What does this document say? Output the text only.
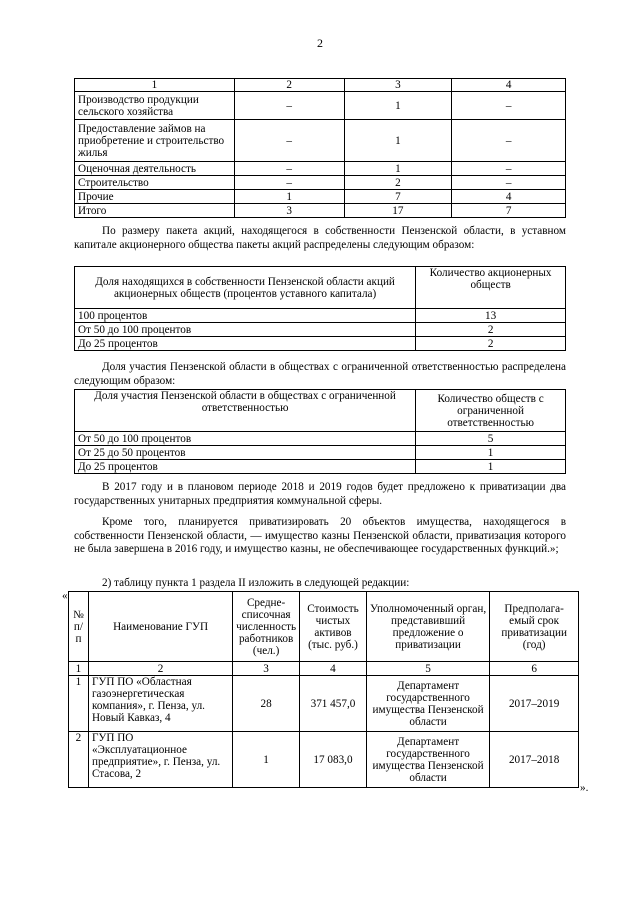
2
1	2	3	4
Производство продукции сельского хозяйства	–	1	–
Предоставление займов на приобретение и строительство жилья	–	1	–
Оценочная деятельность	–	1	–
Строительство	–	2	–
Прочие	1	7	4
Итого	3	17	7
По размеру пакета акций, находящегося в собственности Пензенской области, в уставном капитале акционерного общества пакеты акций распределены следующим образом:
Доля находящихся в собственности Пензенской области акций акционерных обществ (процентов уставного капитала)	Количество акционерных обществ
100 процентов	13
От 50 до 100 процентов	2
До 25 процентов	2
Доля участия Пензенской области в обществах с ограниченной ответственностью распределена следующим образом:
Доля участия Пензенской области в обществах с ограниченной ответственностью	Количество обществ с ограниченной ответственностью
От 50 до 100 процентов	5
От 25 до 50 процентов	1
До 25 процентов	1
В 2017 году и в плановом периоде 2018 и 2019 годов будет предложено к приватизации два государственных унитарных предприятия коммунальной сферы.
Кроме того, планируется приватизировать 20 объектов имущества, находящегося в собственности Пензенской области, — имущество казны Пензенской области, приватизация которого не была завершена в 2016 году, и имущество казны, не обеспечивающее государственных функций.»;
2) таблицу пункта 1 раздела II изложить в следующей редакции:
«
№ п/п	Наименование ГУП	Средне-списочная численность работников (чел.)	Стоимость чистых активов (тыс. руб.)	Уполномоченный орган, представивший предложение о приватизации	Предполага-емый срок приватизации (год)
1	2	3	4	5	6
1	ГУП ПО «Областная газоэнергетическая компания», г. Пенза, ул. Новый Кавказ, 4	28	371 457,0	Департамент государственного имущества Пензенской области	2017–2019
2	ГУП ПО «Эксплуатационное предприятие», г. Пенза, ул. Стасова, 2	1	17 083,0	Департамент государственного имущества Пензенской области	2017–2018
».
